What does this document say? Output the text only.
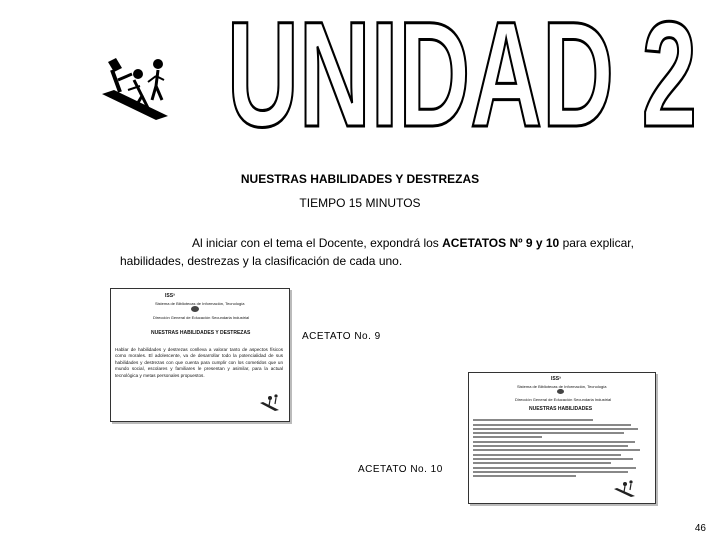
UNIDAD 2
NUESTRAS HABILIDADES Y DESTREZAS
TIEMPO 15 MINUTOS
Al iniciar con el tema el Docente, expondrá los ACETATOS Nº 9 y 10 para explicar, habilidades, destrezas y la clasificación de cada uno.
ISSª
Sistema de Bibliotecas de Información, Tecnología
Dirección General de Educación Secundaria Industrial
NUESTRAS HABILIDADES Y DESTREZAS
Hablar de habilidades y destrezas conlleva a valorar tanto de aspectos físicos como morales. El adolescente, va de desarrollar todo la potencialidad de sus habilidades y destrezas con que cuenta para cumplir con los cometidos que un mundo social, escolares y familiares le presentan y asimilar, para la actual tecnológica y metas personales propuestos.
ACETATO No. 9
ISSª
Sistema de Bibliotecas de Información, Tecnología
Dirección General de Educación Secundaria Industrial
NUESTRAS HABILIDADES
ACETATO No. 10
46
